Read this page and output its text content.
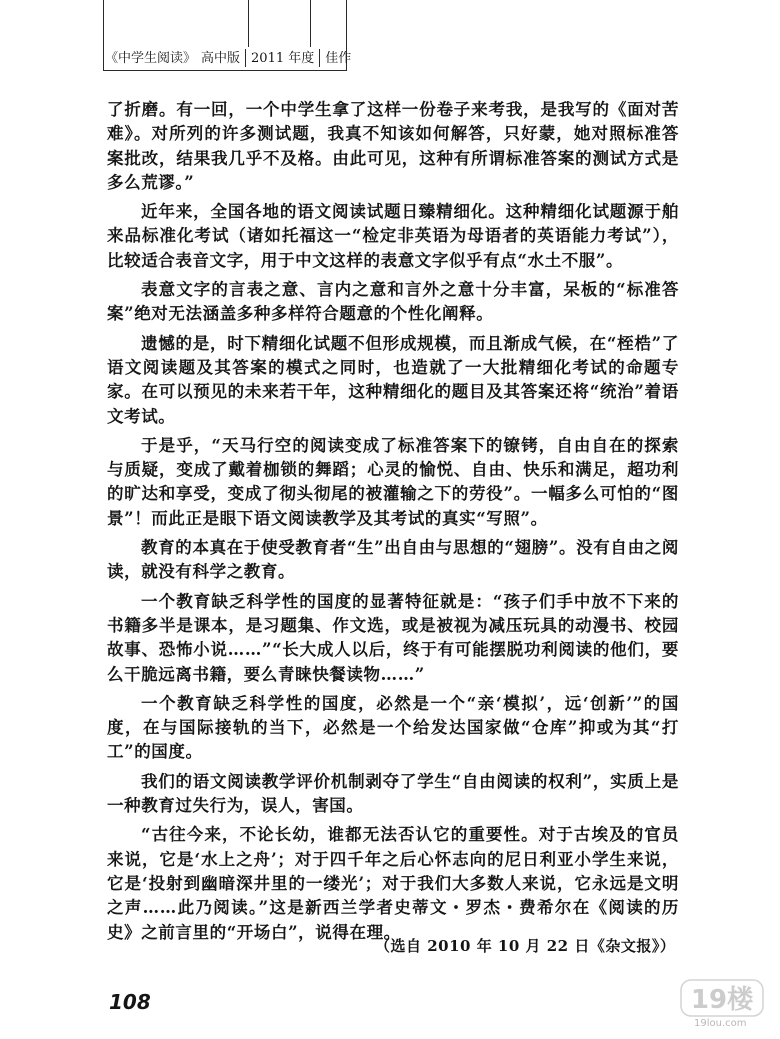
《中学生阅读》 高中版 2011 年度 佳作

了折磨。有一回，一个中学生拿了这样一份卷子来考我，是我写的《面对苦难》。对所列的许多测试题，我真不知该如何解答，只好蒙，她对照标准答案批改，结果我几乎不及格。由此可见，这种有所谓标准答案的测试方式是多么荒谬。”

近年来，全国各地的语文阅读试题日臻精细化。这种精细化试题源于舶来品标准化考试（诸如托福这一“检定非英语为母语者的英语能力考试”），比较适合表音文字，用于中文这样的表意文字似乎有点“水土不服”。

表意文字的言表之意、言内之意和言外之意十分丰富，呆板的“标准答案”绝对无法涵盖多种多样符合题意的个性化阐释。

遗憾的是，时下精细化试题不但形成规模，而且渐成气候，在“桎梏”了语文阅读题及其答案的模式之同时，也造就了一大批精细化考试的命题专家。在可以预见的未来若干年，这种精细化的题目及其答案还将“统治”着语文考试。

于是乎，“天马行空的阅读变成了标准答案下的镣铐，自由自在的探索与质疑，变成了戴着枷锁的舞蹈；心灵的愉悦、自由、快乐和满足，超功利的旷达和享受，变成了彻头彻尾的被灌输之下的劳役”。一幅多么可怕的“图景”！而此正是眼下语文阅读教学及其考试的真实“写照”。

教育的本真在于使受教育者“生”出自由与思想的“翅膀”。没有自由之阅读，就没有科学之教育。

一个教育缺乏科学性的国度的显著特征就是：“孩子们手中放不下来的书籍多半是课本，是习题集、作文选，或是被视为减压玩具的动漫书、校园故事、恐怖小说……”“长大成人以后，终于有可能摆脱功利阅读的他们，要么干脆远离书籍，要么青睐快餐读物……”

一个教育缺乏科学性的国度，必然是一个“亲‘模拟’，远‘创新’”的国度，在与国际接轨的当下，必然是一个给发达国家做“仓库”抑或为其“打工”的国度。

我们的语文阅读教学评价机制剥夺了学生“自由阅读的权利”，实质上是一种教育过失行为，误人，害国。

“古往今来，不论长幼，谁都无法否认它的重要性。对于古埃及的官员来说，它是‘水上之舟’；对于四千年之后心怀志向的尼日利亚小学生来说，它是‘投射到幽暗深井里的一缕光’；对于我们大多数人来说，它永远是文明之声……此乃阅读。”这是新西兰学者史蒂文・罗杰・费希尔在《阅读的历史》之前言里的“开场白”，说得在理。

（选自 2010 年 10 月 22 日《杂文报》）
108	19楼
19lou.com
